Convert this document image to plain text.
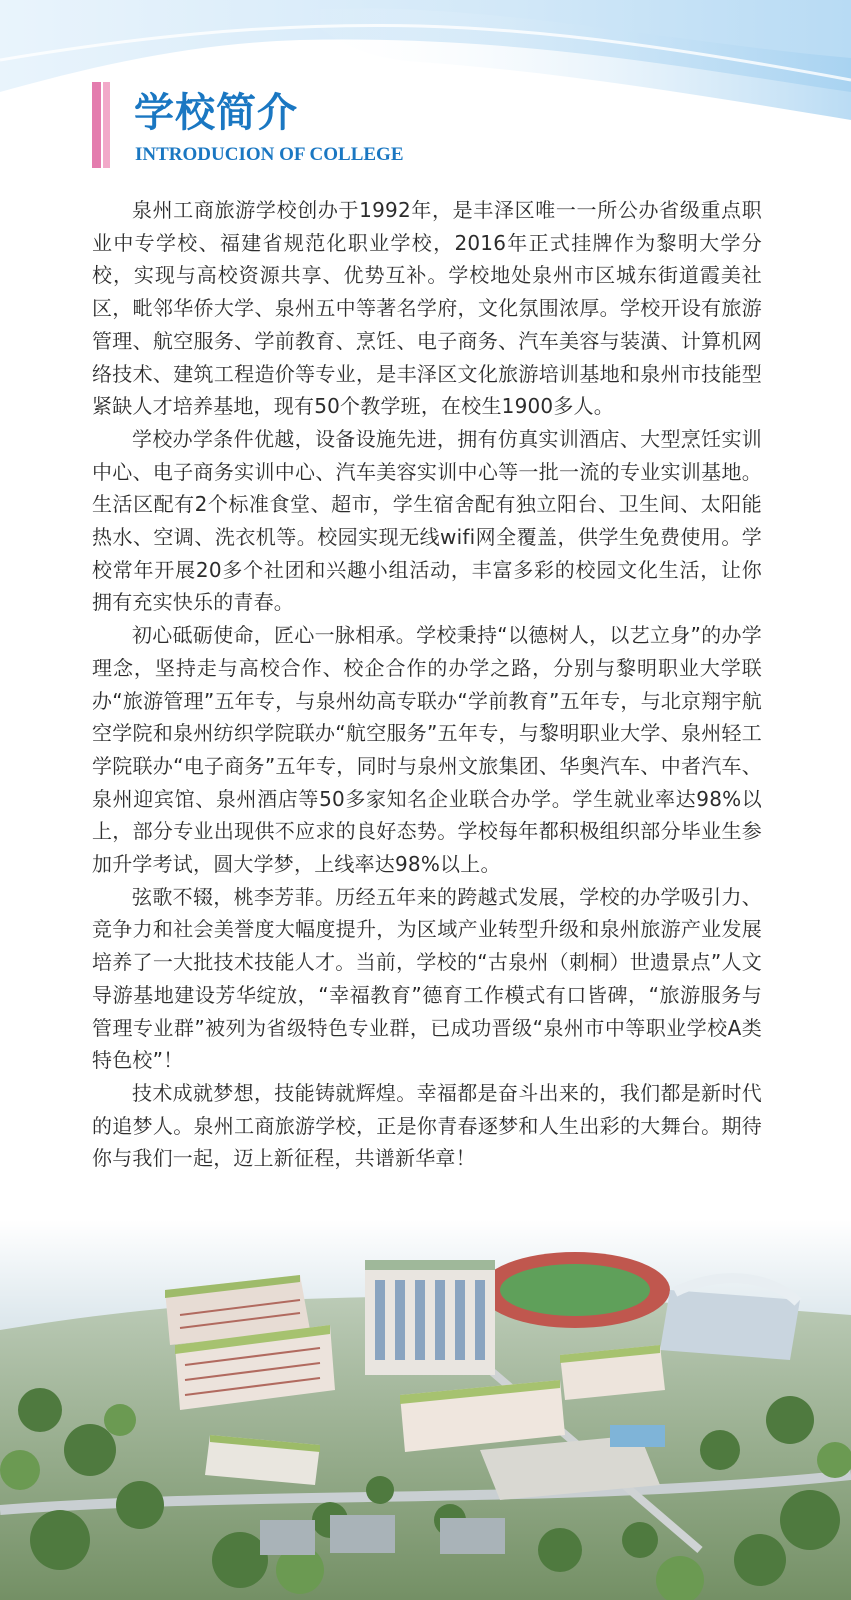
学校简介
INTRODUCION OF COLLEGE

泉州工商旅游学校创办于1992年，是丰泽区唯一一所公办省级重点职业中专学校、福建省规范化职业学校，2016年正式挂牌作为黎明大学分校，实现与高校资源共享、优势互补。学校地处泉州市区城东街道霞美社区，毗邻华侨大学、泉州五中等著名学府，文化氛围浓厚。学校开设有旅游管理、航空服务、学前教育、烹饪、电子商务、汽车美容与装潢、计算机网络技术、建筑工程造价等专业，是丰泽区文化旅游培训基地和泉州市技能型紧缺人才培养基地，现有50个教学班，在校生1900多人。

学校办学条件优越，设备设施先进，拥有仿真实训酒店、大型烹饪实训中心、电子商务实训中心、汽车美容实训中心等一批一流的专业实训基地。生活区配有2个标准食堂、超市，学生宿舍配有独立阳台、卫生间、太阳能热水、空调、洗衣机等。校园实现无线wifi网全覆盖，供学生免费使用。学校常年开展20多个社团和兴趣小组活动，丰富多彩的校园文化生活，让你拥有充实快乐的青春。

初心砥砺使命，匠心一脉相承。学校秉持“以德树人，以艺立身”的办学理念，坚持走与高校合作、校企合作的办学之路，分别与黎明职业大学联办“旅游管理”五年专，与泉州幼高专联办“学前教育”五年专，与北京翔宇航空学院和泉州纺织学院联办“航空服务”五年专，与黎明职业大学、泉州轻工学院联办“电子商务”五年专，同时与泉州文旅集团、华奥汽车、中者汽车、泉州迎宾馆、泉州酒店等50多家知名企业联合办学。学生就业率达98%以上，部分专业出现供不应求的良好态势。学校每年都积极组织部分毕业生参加升学考试，圆大学梦，上线率达98%以上。

弦歌不辍，桃李芳菲。历经五年来的跨越式发展，学校的办学吸引力、竞争力和社会美誉度大幅度提升，为区域产业转型升级和泉州旅游产业发展培养了一大批技术技能人才。当前，学校的“古泉州（刺桐）世遗景点”人文导游基地建设芳华绽放，“幸福教育”德育工作模式有口皆碑，“旅游服务与管理专业群”被列为省级特色专业群，已成功晋级“泉州市中等职业学校A类特色校”！

技术成就梦想，技能铸就辉煌。幸福都是奋斗出来的，我们都是新时代的追梦人。泉州工商旅游学校，正是你青春逐梦和人生出彩的大舞台。期待你与我们一起，迈上新征程，共谱新华章！
